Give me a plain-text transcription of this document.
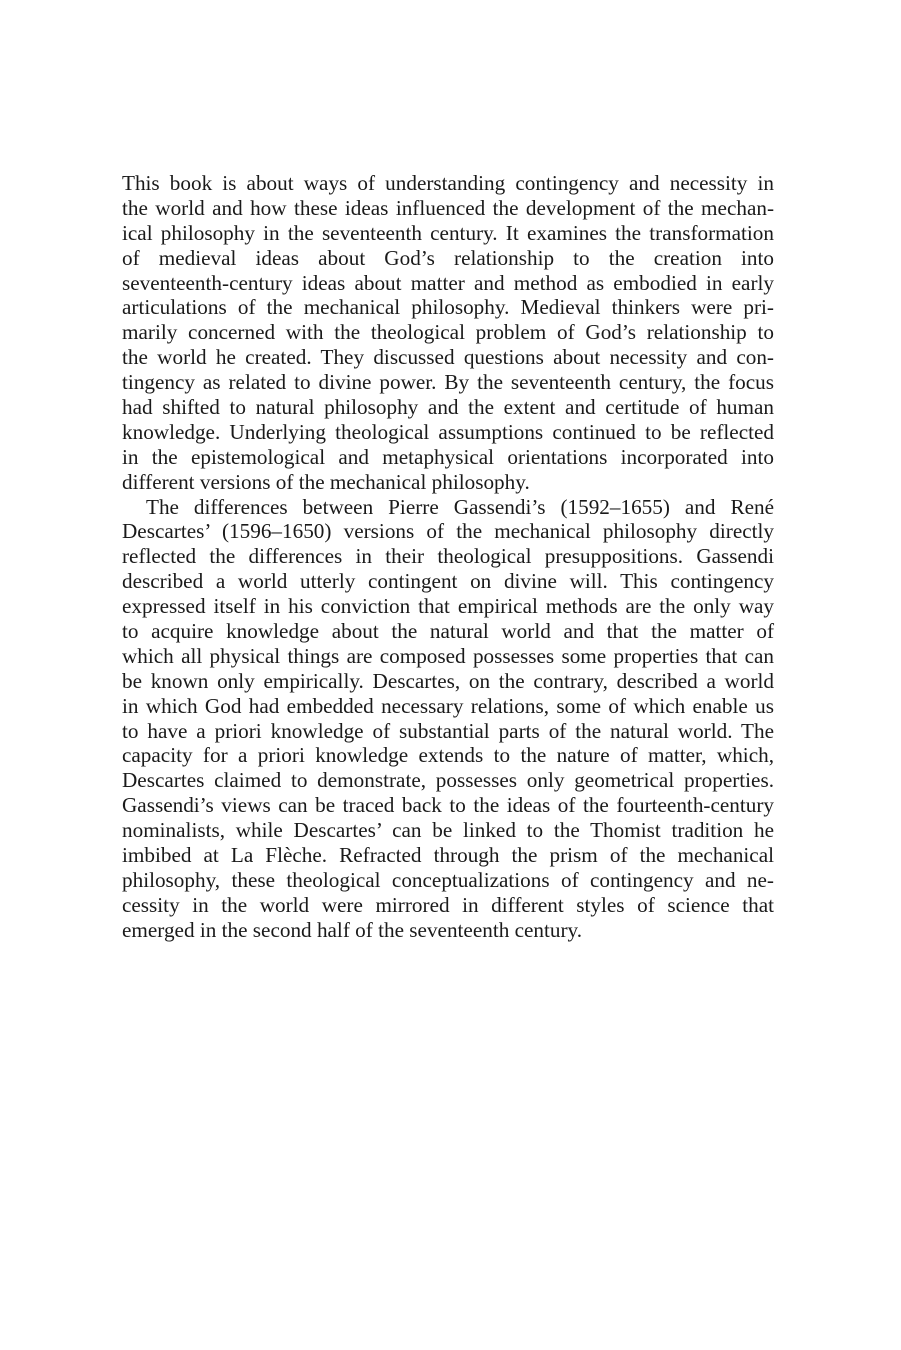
This book is about ways of understanding contingency and necessity in
the world and how these ideas influenced the development of the mechan-
ical philosophy in the seventeenth century. It examines the transformation
of medieval ideas about God’s relationship to the creation into
seventeenth-century ideas about matter and method as embodied in early
articulations of the mechanical philosophy. Medieval thinkers were pri-
marily concerned with the theological problem of God’s relationship to
the world he created. They discussed questions about necessity and con-
tingency as related to divine power. By the seventeenth century, the focus
had shifted to natural philosophy and the extent and certitude of human
knowledge. Underlying theological assumptions continued to be reflected
in the epistemological and metaphysical orientations incorporated into
different versions of the mechanical philosophy.
The differences between Pierre Gassendi’s (1592–1655) and René
Descartes’ (1596–1650) versions of the mechanical philosophy directly
reflected the differences in their theological presuppositions. Gassendi
described a world utterly contingent on divine will. This contingency
expressed itself in his conviction that empirical methods are the only way
to acquire knowledge about the natural world and that the matter of
which all physical things are composed possesses some properties that can
be known only empirically. Descartes, on the contrary, described a world
in which God had embedded necessary relations, some of which enable us
to have a priori knowledge of substantial parts of the natural world. The
capacity for a priori knowledge extends to the nature of matter, which,
Descartes claimed to demonstrate, possesses only geometrical properties.
Gassendi’s views can be traced back to the ideas of the fourteenth-century
nominalists, while Descartes’ can be linked to the Thomist tradition he
imbibed at La Flèche. Refracted through the prism of the mechanical
philosophy, these theological conceptualizations of contingency and ne-
cessity in the world were mirrored in different styles of science that
emerged in the second half of the seventeenth century.
